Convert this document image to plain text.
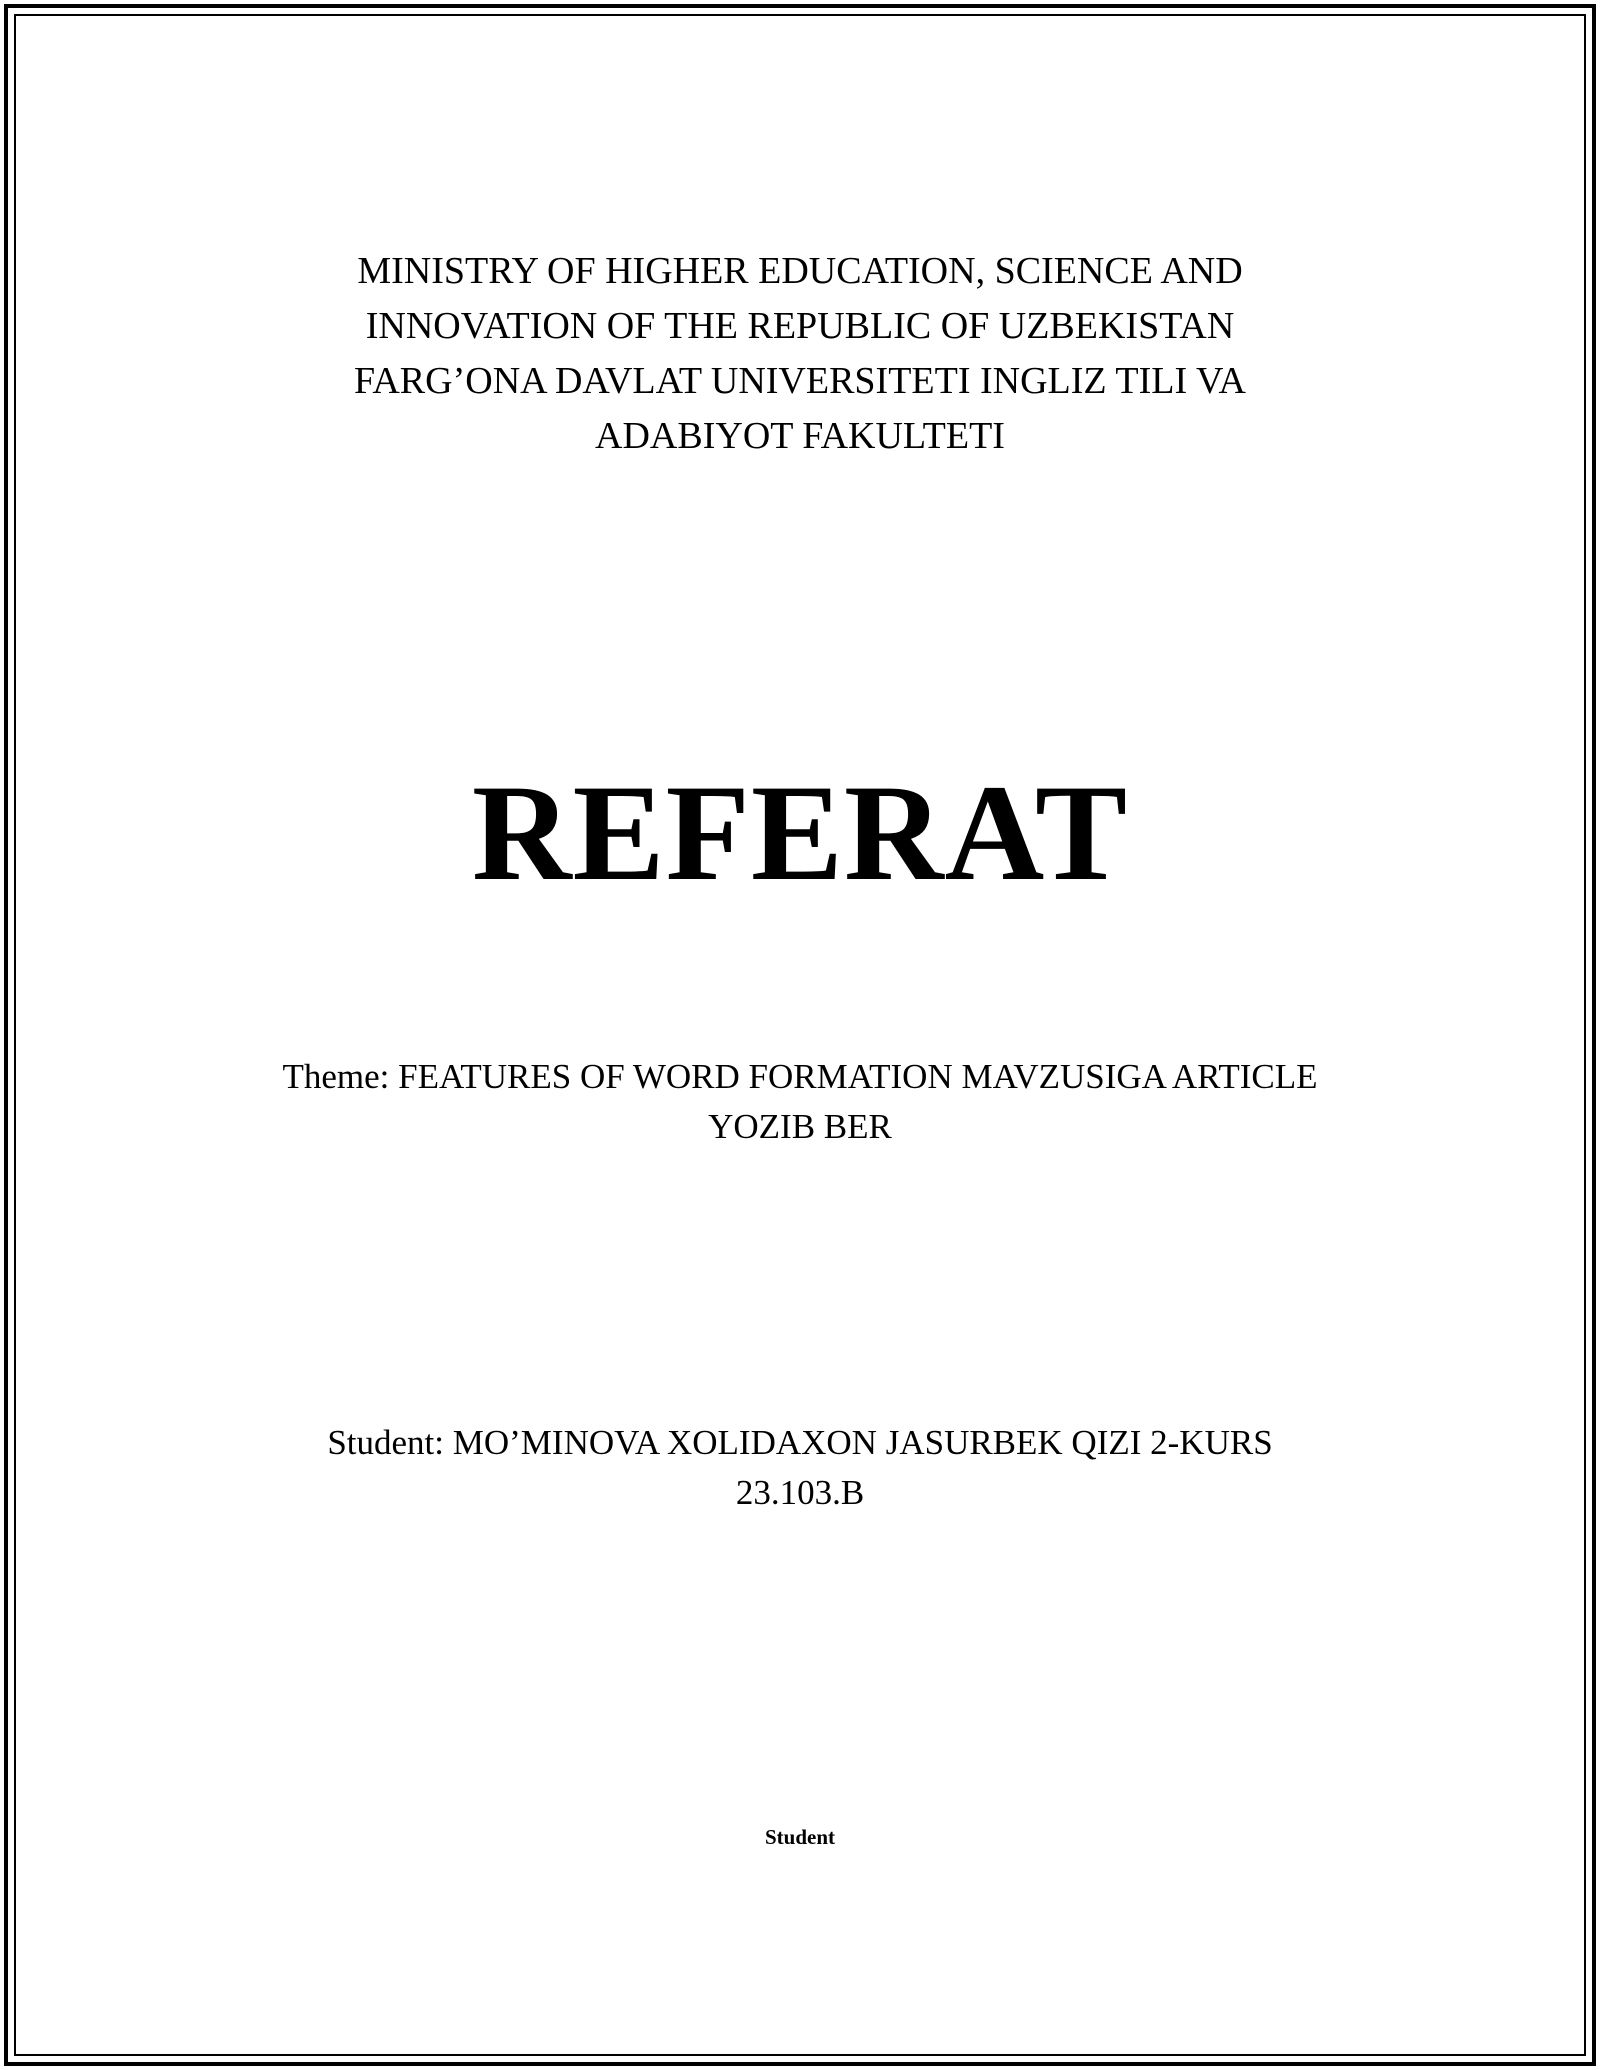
MINISTRY OF HIGHER EDUCATION, SCIENCE AND
INNOVATION OF THE REPUBLIC OF UZBEKISTAN
FARG’ONA DAVLAT UNIVERSITETI INGLIZ TILI VA
ADABIYOT FAKULTETI
REFERAT
Theme: FEATURES OF WORD FORMATION MAVZUSIGA ARTICLE
YOZIB BER
Student: MO’MINOVA XOLIDAXON JASURBEK QIZI 2-KURS
23.103.B
Student
